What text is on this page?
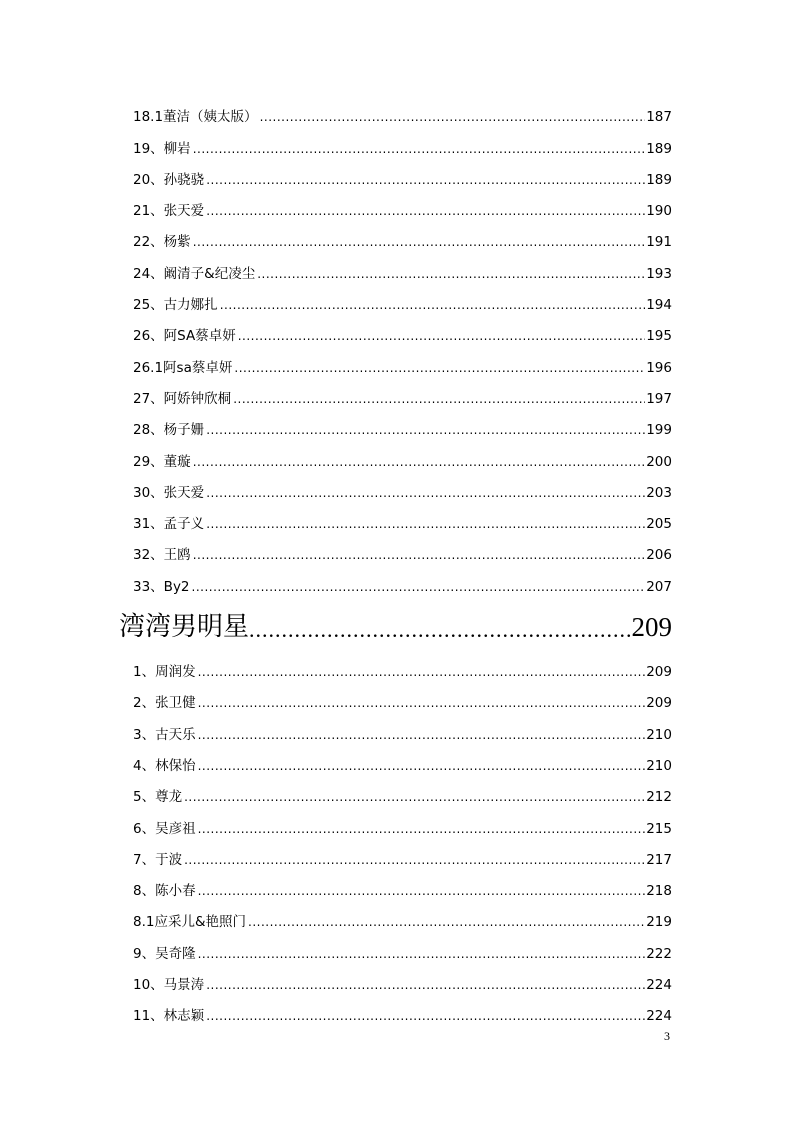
18.1董洁（姨太版） .....	187
19、柳岩 .....	189
20、孙骁骁 .....	189
21、张天爱 .....	190
22、杨紫 .....	191
24、阚清子&纪凌尘 .....	193
25、古力娜扎 .....	194
26、阿SA蔡卓妍 .....	195
26.1阿sa蔡卓妍 .....	196
27、阿娇钟欣桐 .....	197
28、杨子姗 .....	199
29、董璇 .....	200
30、张天爱 .....	203
31、孟子义 .....	205
32、王鸥 .....	206
33、By2 .....	207
湾湾男明星 .....	209
1、周润发 .....	209
2、张卫健 .....	209
3、古天乐 .....	210
4、林保怡 .....	210
5、尊龙 .....	212
6、吴彦祖 .....	215
7、于波 .....	217
8、陈小春 .....	218
8.1应采儿&艳照门 .....	219
9、吴奇隆 .....	222
10、马景涛 .....	224
11、林志颖 .....	224
3
